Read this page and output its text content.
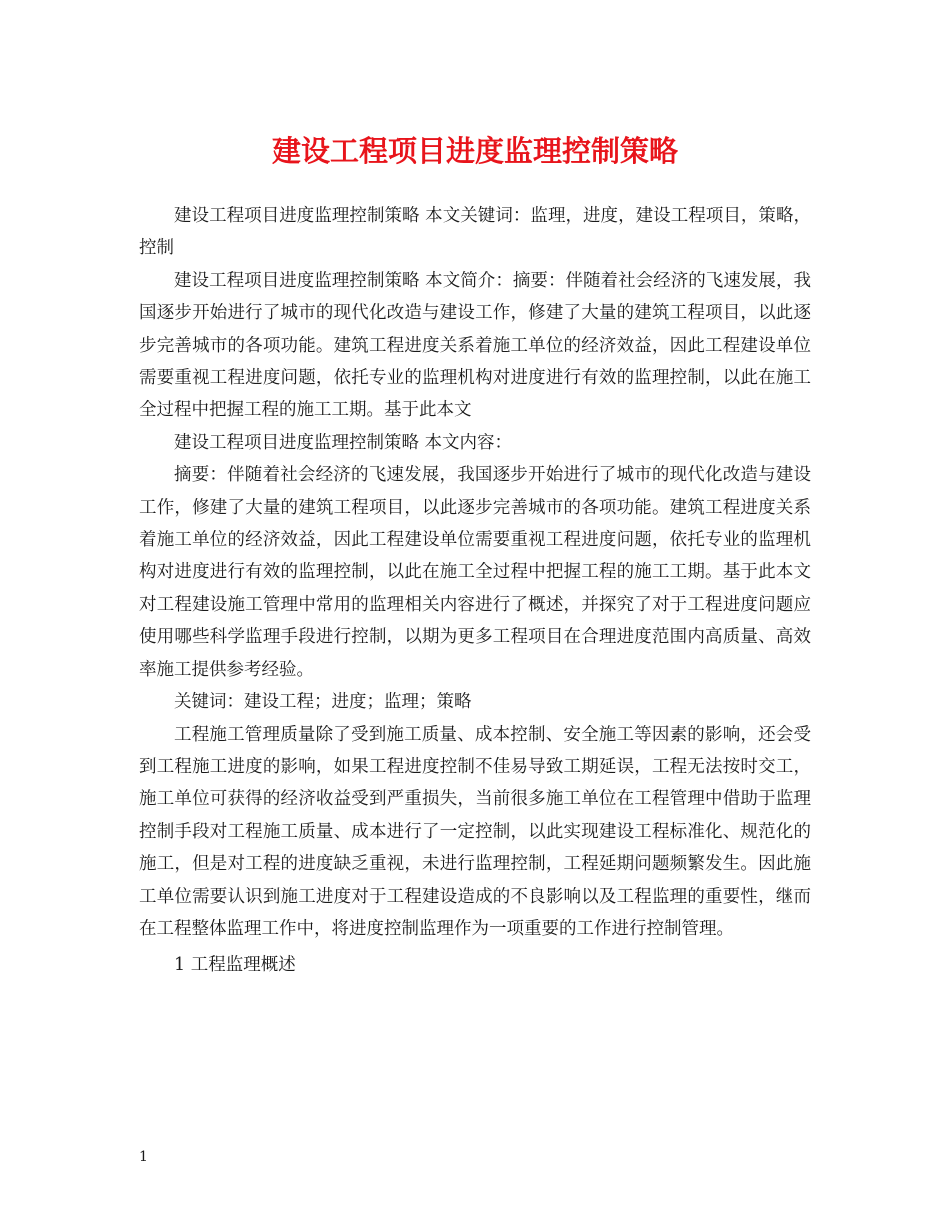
建设工程项目进度监理控制策略

建设工程项目进度监理控制策略 本文关键词：监理，进度，建设工程项目，策略，控制

建设工程项目进度监理控制策略 本文简介：摘要：伴随着社会经济的飞速发展，我国逐步开始进行了城市的现代化改造与建设工作，修建了大量的建筑工程项目，以此逐步完善城市的各项功能。建筑工程进度关系着施工单位的经济效益，因此工程建设单位需要重视工程进度问题，依托专业的监理机构对进度进行有效的监理控制，以此在施工全过程中把握工程的施工工期。基于此本文

建设工程项目进度监理控制策略 本文内容：

摘要：伴随着社会经济的飞速发展，我国逐步开始进行了城市的现代化改造与建设工作，修建了大量的建筑工程项目，以此逐步完善城市的各项功能。建筑工程进度关系着施工单位的经济效益，因此工程建设单位需要重视工程进度问题，依托专业的监理机构对进度进行有效的监理控制，以此在施工全过程中把握工程的施工工期。基于此本文对工程建设施工管理中常用的监理相关内容进行了概述，并探究了对于工程进度问题应使用哪些科学监理手段进行控制，以期为更多工程项目在合理进度范围内高质量、高效率施工提供参考经验。

关键词：建设工程；进度；监理；策略

工程施工管理质量除了受到施工质量、成本控制、安全施工等因素的影响，还会受到工程施工进度的影响，如果工程进度控制不佳易导致工期延误，工程无法按时交工，施工单位可获得的经济收益受到严重损失，当前很多施工单位在工程管理中借助于监理控制手段对工程施工质量、成本进行了一定控制，以此实现建设工程标准化、规范化的施工，但是对工程的进度缺乏重视，未进行监理控制，工程延期问题频繁发生。因此施工单位需要认识到施工进度对于工程建设造成的不良影响以及工程监理的重要性，继而在工程整体监理工作中，将进度控制监理作为一项重要的工作进行控制管理。

1 工程监理概述

1
